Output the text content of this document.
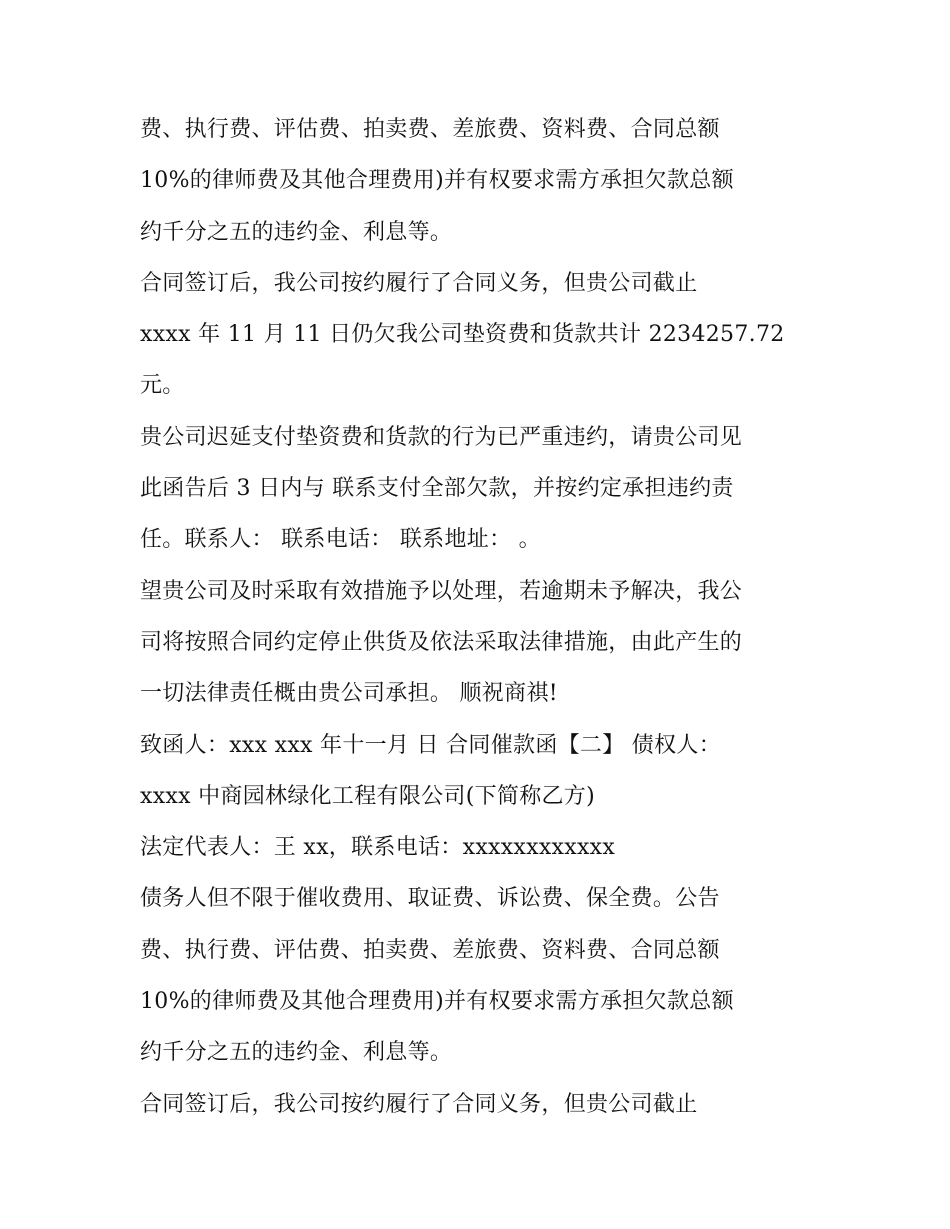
费、执行费、评估费、拍卖费、差旅费、资料费、合同总额
10%的律师费及其他合理费用)并有权要求需方承担欠款总额
约千分之五的违约金、利息等。
合同签订后，我公司按约履行了合同义务，但贵公司截止
xxxx 年 11 月 11 日仍欠我公司垫资费和货款共计 2234257.72
元。
贵公司迟延支付垫资费和货款的行为已严重违约，请贵公司见
此函告后 3 日内与 联系支付全部欠款，并按约定承担违约责
任。联系人： 联系电话： 联系地址： 。
望贵公司及时采取有效措施予以处理，若逾期未予解决，我公
司将按照合同约定停止供货及依法采取法律措施，由此产生的
一切法律责任概由贵公司承担。 顺祝商祺!
致函人：xxx xxx 年十一月 日 合同催款函【二】 债权人：
xxxx 中商园林绿化工程有限公司(下简称乙方)
法定代表人：王 xx，联系电话：xxxxxxxxxxxx
债务人但不限于催收费用、取证费、诉讼费、保全费。公告
费、执行费、评估费、拍卖费、差旅费、资料费、合同总额
10%的律师费及其他合理费用)并有权要求需方承担欠款总额
约千分之五的违约金、利息等。
合同签订后，我公司按约履行了合同义务，但贵公司截止
